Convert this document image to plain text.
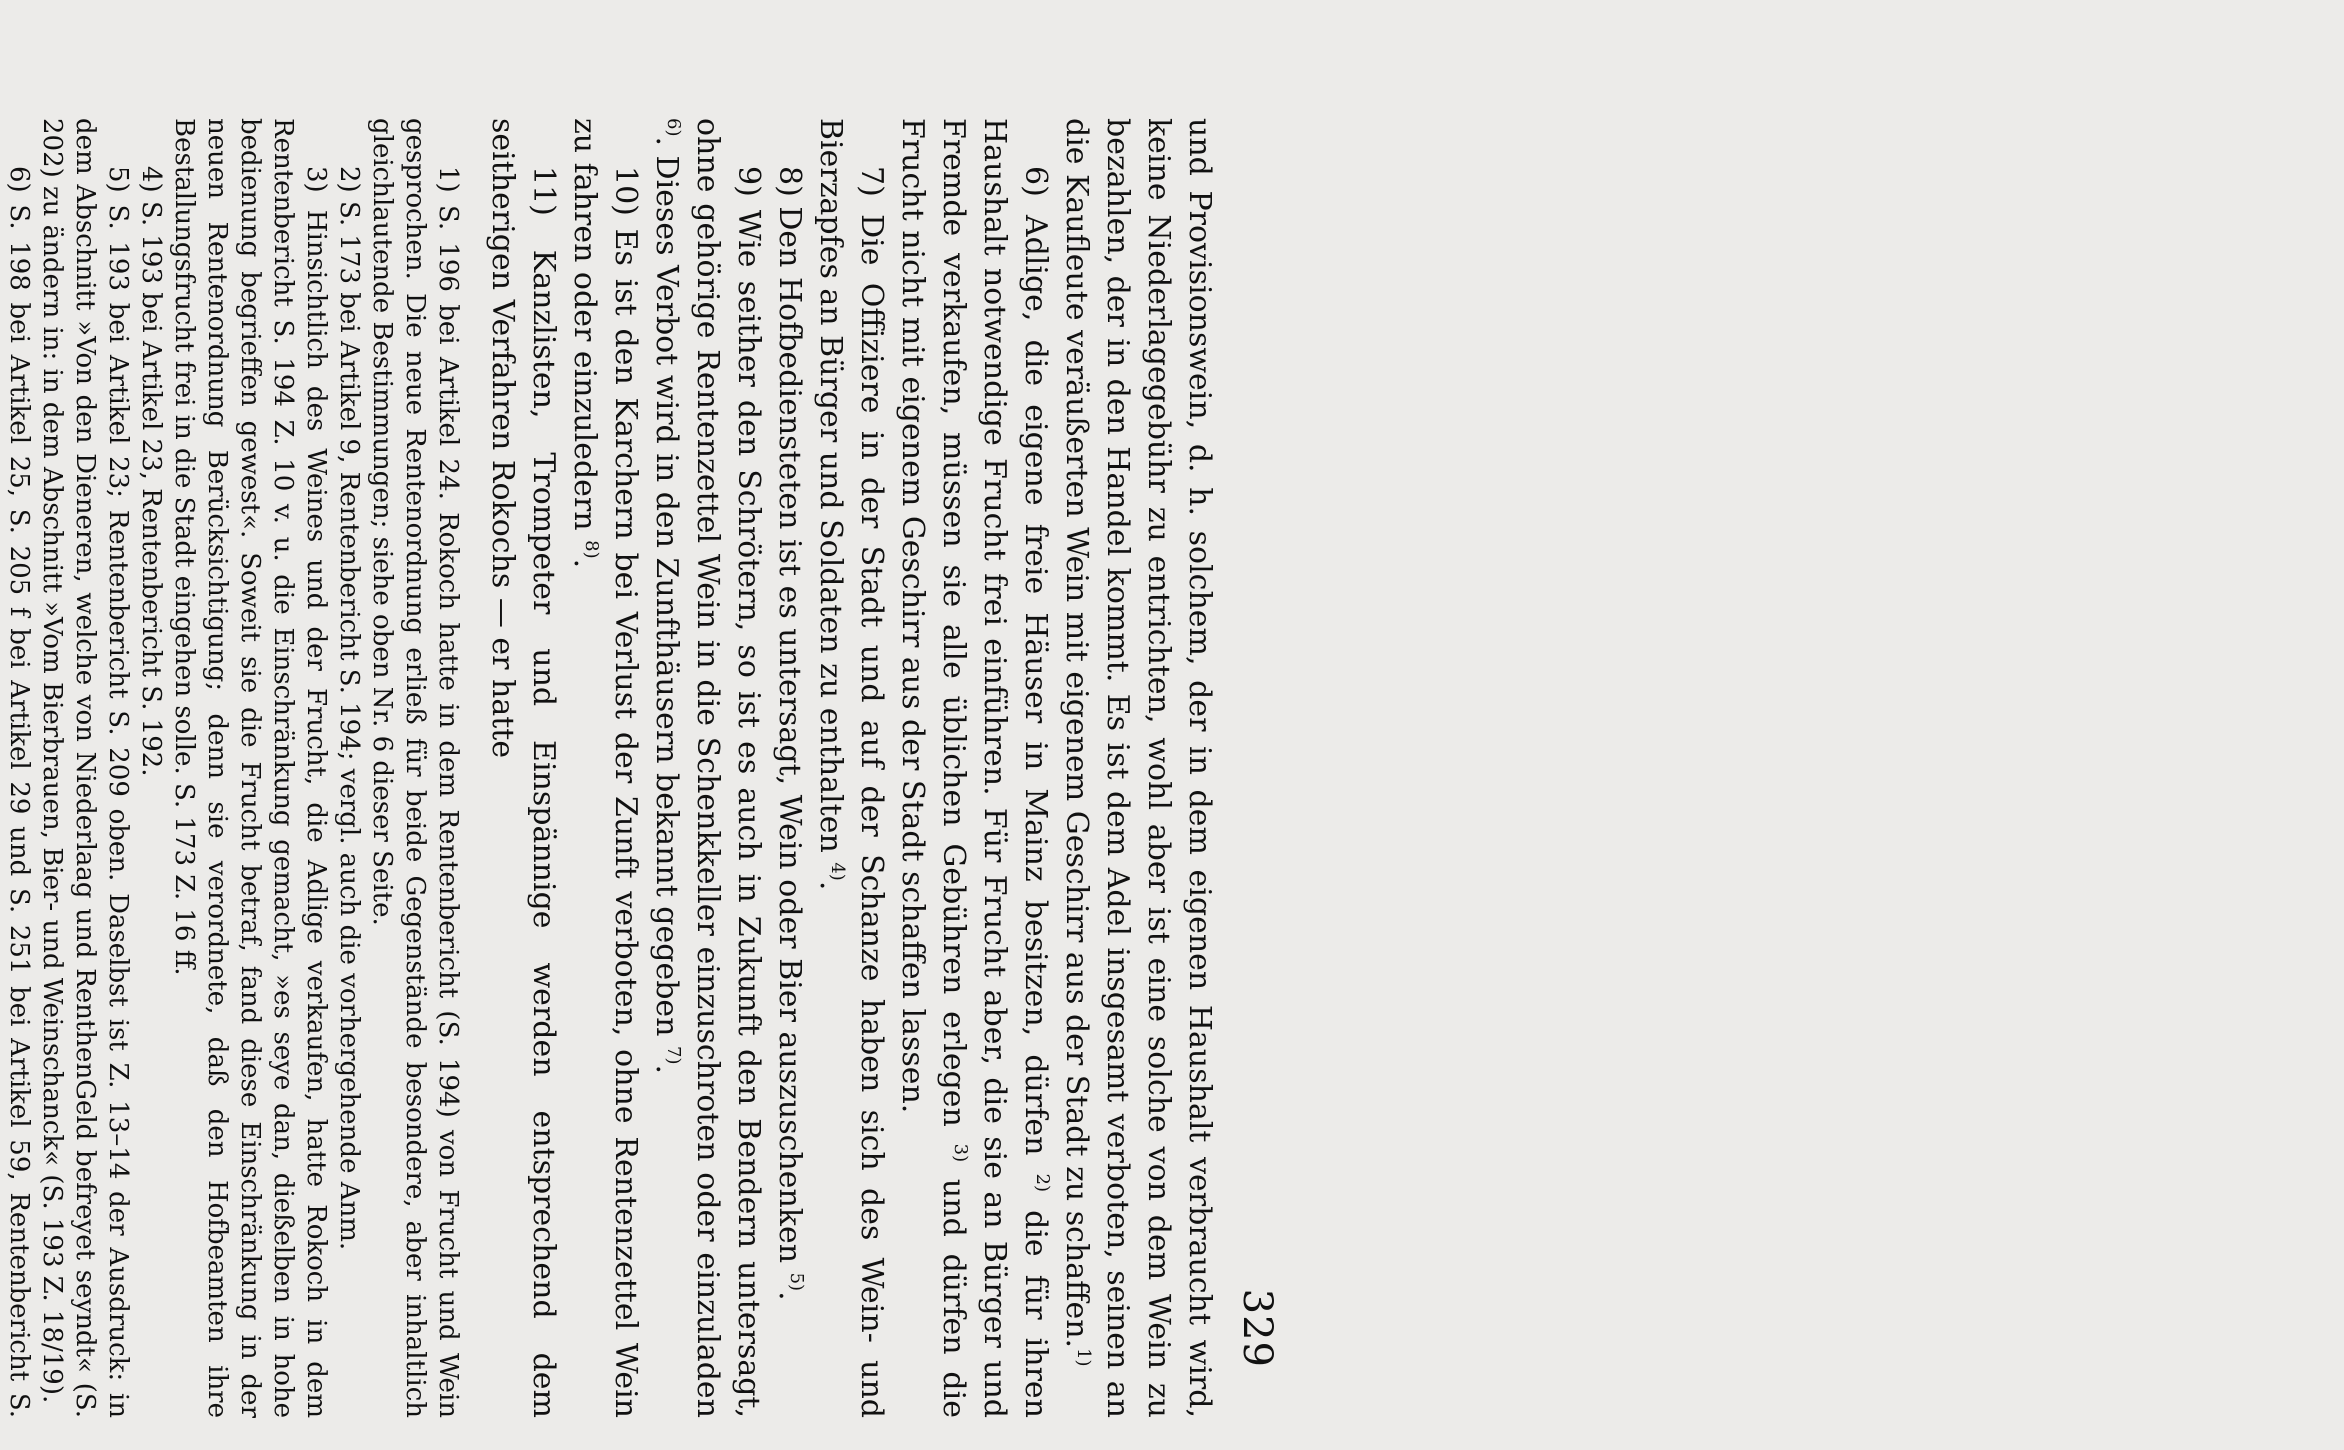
329

und Provisionswein, d. h. solchem, der in dem eigenen Haushalt verbraucht wird, keine Niederlagegebühr zu entrichten, wohl aber ist eine solche von dem Wein zu bezahlen, der in den Handel kommt. Es ist dem Adel insgesamt verboten, seinen an die Kaufleute veräußerten Wein mit eigenem Geschirr aus der Stadt zu schaffen.$^{1)}$

6) Adlige, die eigene freie Häuser in Mainz besitzen, dürfen $^{2)}$ die für ihren Haushalt notwendige Frucht frei einführen. Für Frucht aber, die sie an Bürger und Fremde verkaufen, müssen sie alle üblichen Gebühren erlegen $^{3)}$ und dürfen die Frucht nicht mit eigenem Geschirr aus der Stadt schaffen lassen.

7) Die Offiziere in der Stadt und auf der Schanze haben sich des Wein- und Bierzapfes an Bürger und Soldaten zu enthalten $^{4)}$.

8) Den Hofbediensteten ist es untersagt, Wein oder Bier auszuschenken $^{5)}$.

9) Wie seither den Schrötern, so ist es auch in Zukunft den Bendern untersagt, ohne gehörige Rentenzettel Wein in die Schenkkeller einzuschroten oder einzuladen $^{6)}$. Dieses Verbot wird in den Zunfthäusern bekannt gegeben $^{7)}$.

10) Es ist den Karchern bei Verlust der Zunft verboten, ohne Rentenzettel Wein zu fahren oder einzuledern $^{8)}$.

11) Kanzlisten, Trompeter und Einspännige werden entsprechend dem seitherigen Verfahren Rokochs — er hatte

1) S. 196 bei Artikel 24. Rokoch hatte in dem Rentenbericht (S. 194) von Frucht und Wein gesprochen. Die neue Rentenordnung erließ für beide Gegenstände besondere, aber inhaltlich gleichlautende Bestimmungen; siehe oben Nr. 6 dieser Seite.

2) S. 173 bei Artikel 9, Rentenbericht S. 194; vergl. auch die vorhergehende Anm.

3) Hinsichtlich des Weines und der Frucht, die Adlige verkaufen, hatte Rokoch in dem Rentenbericht S. 194 Z. 10 v. u. die Einschränkung gemacht, »es seye dan, dießelben in hohe bedienung begrieffen gewest«. Soweit sie die Frucht betraf, fand diese Einschränkung in der neuen Rentenordnung Berücksichtigung; denn sie verordnete, daß den Hofbeamten ihre Bestallungsfrucht frei in die Stadt eingehen solle. S. 173 Z. 16 ff.

4) S. 193 bei Artikel 23, Rentenbericht S. 192.

5) S. 193 bei Artikel 23; Rentenbericht S. 209 oben. Daselbst ist Z. 13–14 der Ausdruck: in dem Abschnitt »Von den Dieneren, welche von Niederlaag und RenthenGeld befreyet seyndt« (S. 202) zu ändern in: in dem Abschnitt »Vom Bierbrauen, Bier- und Weinschanck« (S. 193 Z. 18/19).

6) S. 198 bei Artikel 25, S. 205 f bei Artikel 29 und S. 251 bei Artikel 59, Rentenbericht S.
